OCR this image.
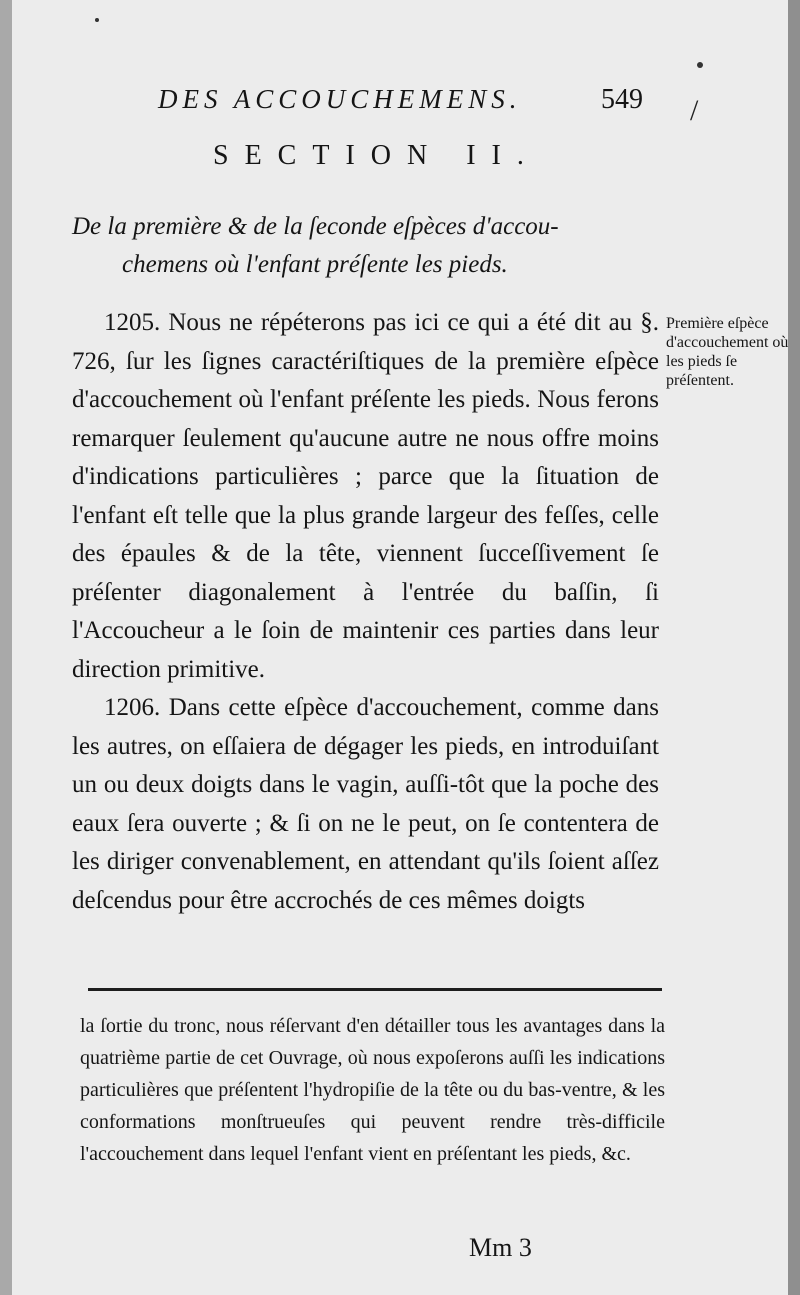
DES ACCOUCHEMENS.	549 /
SECTION II.
De la première & de la ſeconde eſpèces d'accou-
chemens où l'enfant préſente les pieds.

1205. Nous ne répéterons pas ici ce qui a été dit au §. 726, ſur les ſignes caractériſtiques de la première eſpèce d'accouchement où l'enfant préſente les pieds. Nous ferons remarquer ſeulement qu'aucune autre ne nous offre moins d'indications particulières ; parce que la ſituation de l'enfant eſt telle que la plus grande largeur des feſſes, celle des épaules & de la tête, viennent ſucceſſivement ſe préſenter diagonalement à l'entrée du baſſin, ſi l'Accoucheur a le ſoin de maintenir ces parties dans leur direction primitive.

1206. Dans cette eſpèce d'accouchement, comme dans les autres, on eſſaiera de dégager les pieds, en introduiſant un ou deux doigts dans le vagin, auſſi-tôt que la poche des eaux ſera ouverte ; & ſi on ne le peut, on ſe contentera de les diriger convenablement, en attendant qu'ils ſoient aſſez deſcendus pour être accrochés de ces mêmes doigts

Première eſpèce d'accouchement où les pieds ſe préſentent.
la ſortie du tronc, nous réſervant d'en détailler tous les avantages dans la quatrième partie de cet Ouvrage, où nous expoſerons auſſi les indications particulières que préſentent l'hydropiſie de la tête ou du bas-ventre, & les conformations monſtrueuſes qui peuvent rendre très-difficile l'accouchement dans lequel l'enfant vient en préſentant les pieds, &c.
Mm 3
